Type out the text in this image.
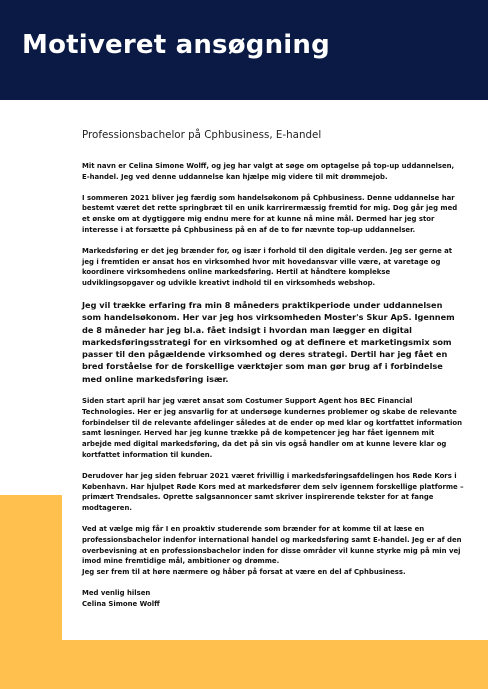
Motiveret ansøgning
Professionsbachelor på Cphbusiness, E-handel

Mit navn er Celina Simone Wolff, og jeg har valgt at søge om optagelse på top-up uddannelsen, E-handel. Jeg ved denne uddannelse kan hjælpe mig videre til mit drømmejob.

I sommeren 2021 bliver jeg færdig som handelsøkonom på Cphbusiness. Denne uddannelse har bestemt været det rette springbræt til en unik karrirermæssig fremtid for mig. Dog går jeg med et ønske om at dygtiggøre mig endnu mere for at kunne nå mine mål. Dermed har jeg stor interesse i at forsætte på Cphbusiness på en af de to før nævnte top-up uddannelser.

Markedsføring er det jeg brænder for, og især i forhold til den digitale verden. Jeg ser gerne at jeg i fremtiden er ansat hos en virksomhed hvor mit hovedansvar ville være, at varetage og koordinere virksomhedens online markedsføring. Hertil at håndtere komplekse udviklingsopgaver og udvikle kreativt indhold til en virksomheds webshop.

Jeg vil trække erfaring fra min 8 måneders praktikperiode under uddannelsen som handelsøkonom. Her var jeg hos virksomheden Moster's Skur ApS. Igennem de 8 måneder har jeg bl.a. fået indsigt i hvordan man lægger en digital markedsføringsstrategi for en virksomhed og at definere et marketingsmix som passer til den pågældende virksomhed og deres strategi. Dertil har jeg fået en bred forståelse for de forskellige værktøjer som man gør brug af i forbindelse med online markedsføring især.

Siden start april har jeg været ansat som Costumer Support Agent hos BEC Financial Technologies. Her er jeg ansvarlig for at undersøge kundernes problemer og skabe de relevante forbindelser til de relevante afdelinger således at de ender op med klar og kortfattet information samt løsninger. Herved har jeg kunne trække på de kompetencer jeg har fået igennem mit arbejde med digital markedsføring, da det på sin vis også handler om at kunne levere klar og kortfattet information til kunden.

Derudover har jeg siden februar 2021 været frivillig i markedsføringsafdelingen hos Røde Kors i København. Har hjulpet Røde Kors med at markedsfører dem selv igennem forskellige platforme – primært Trendsales. Oprette salgsannoncer samt skriver inspirerende tekster for at fange modtageren.

Ved at vælge mig får I en proaktiv studerende som brænder for at komme til at læse en professionsbachelor indenfor international handel og markedsføring samt E-handel. Jeg er af den overbevisning at en professionsbachelor inden for disse områder vil kunne styrke mig på min vej imod mine fremtidige mål, ambitioner og drømme.

Jeg ser frem til at høre nærmere og håber på forsat at være en del af Cphbusiness.

Med venlig hilsen
Celina Simone Wolff
